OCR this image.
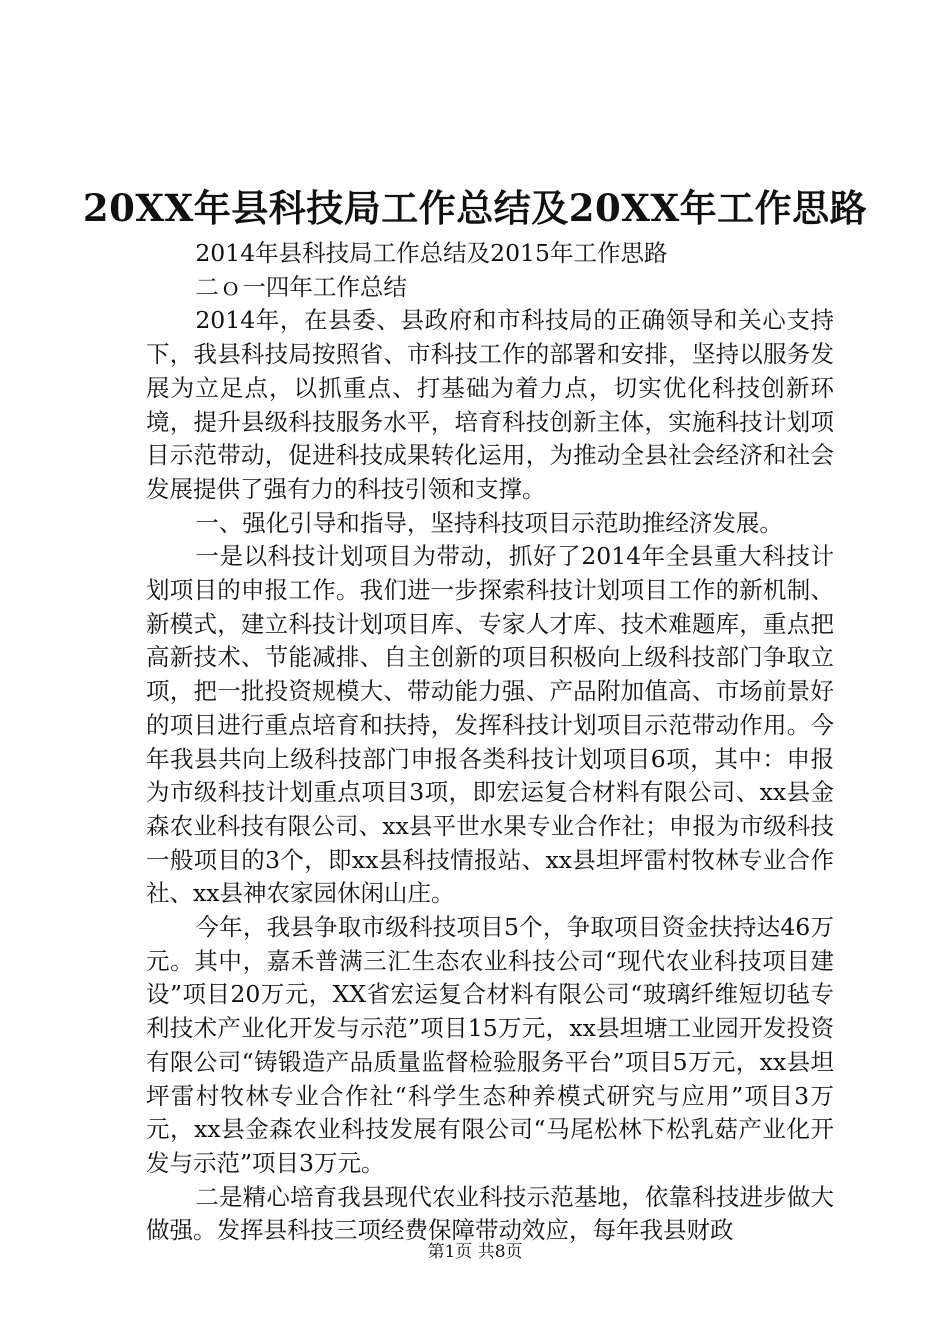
20XX年县科技局工作总结及20XX年工作思路

2014年县科技局工作总结及2015年工作思路

二ｏ一四年工作总结

2014年，在县委、县政府和市科技局的正确领导和关心支持下，我县科技局按照省、市科技工作的部署和安排，坚持以服务发展为立足点，以抓重点、打基础为着力点，切实优化科技创新环境，提升县级科技服务水平，培育科技创新主体，实施科技计划项目示范带动，促进科技成果转化运用，为推动全县社会经济和社会发展提供了强有力的科技引领和支撑。

一、强化引导和指导，坚持科技项目示范助推经济发展。

一是以科技计划项目为带动，抓好了2014年全县重大科技计划项目的申报工作。我们进一步探索科技计划项目工作的新机制、新模式，建立科技计划项目库、专家人才库、技术难题库，重点把高新技术、节能减排、自主创新的项目积极向上级科技部门争取立项，把一批投资规模大、带动能力强、产品附加值高、市场前景好的项目进行重点培育和扶持，发挥科技计划项目示范带动作用。今年我县共向上级科技部门申报各类科技计划项目6项，其中：申报为市级科技计划重点项目3项，即宏运复合材料有限公司、xx县金森农业科技有限公司、xx县平世水果专业合作社；申报为市级科技一般项目的3个，即xx县科技情报站、xx县坦坪雷村牧林专业合作社、xx县神农家园休闲山庄。

今年，我县争取市级科技项目5个，争取项目资金扶持达46万元。其中，嘉禾普满三汇生态农业科技公司“现代农业科技项目建设”项目20万元，XX省宏运复合材料有限公司“玻璃纤维短切毡专利技术产业化开发与示范”项目15万元，xx县坦塘工业园开发投资有限公司“铸锻造产品质量监督检验服务平台”项目5万元，xx县坦坪雷村牧林专业合作社“科学生态种养模式研究与应用”项目3万元，xx县金森农业科技发展有限公司“马尾松林下松乳菇产业化开发与示范”项目3万元。

二是精心培育我县现代农业科技示范基地，依靠科技进步做大做强。发挥县科技三项经费保障带动效应，每年我县财政

第1页 共8页
